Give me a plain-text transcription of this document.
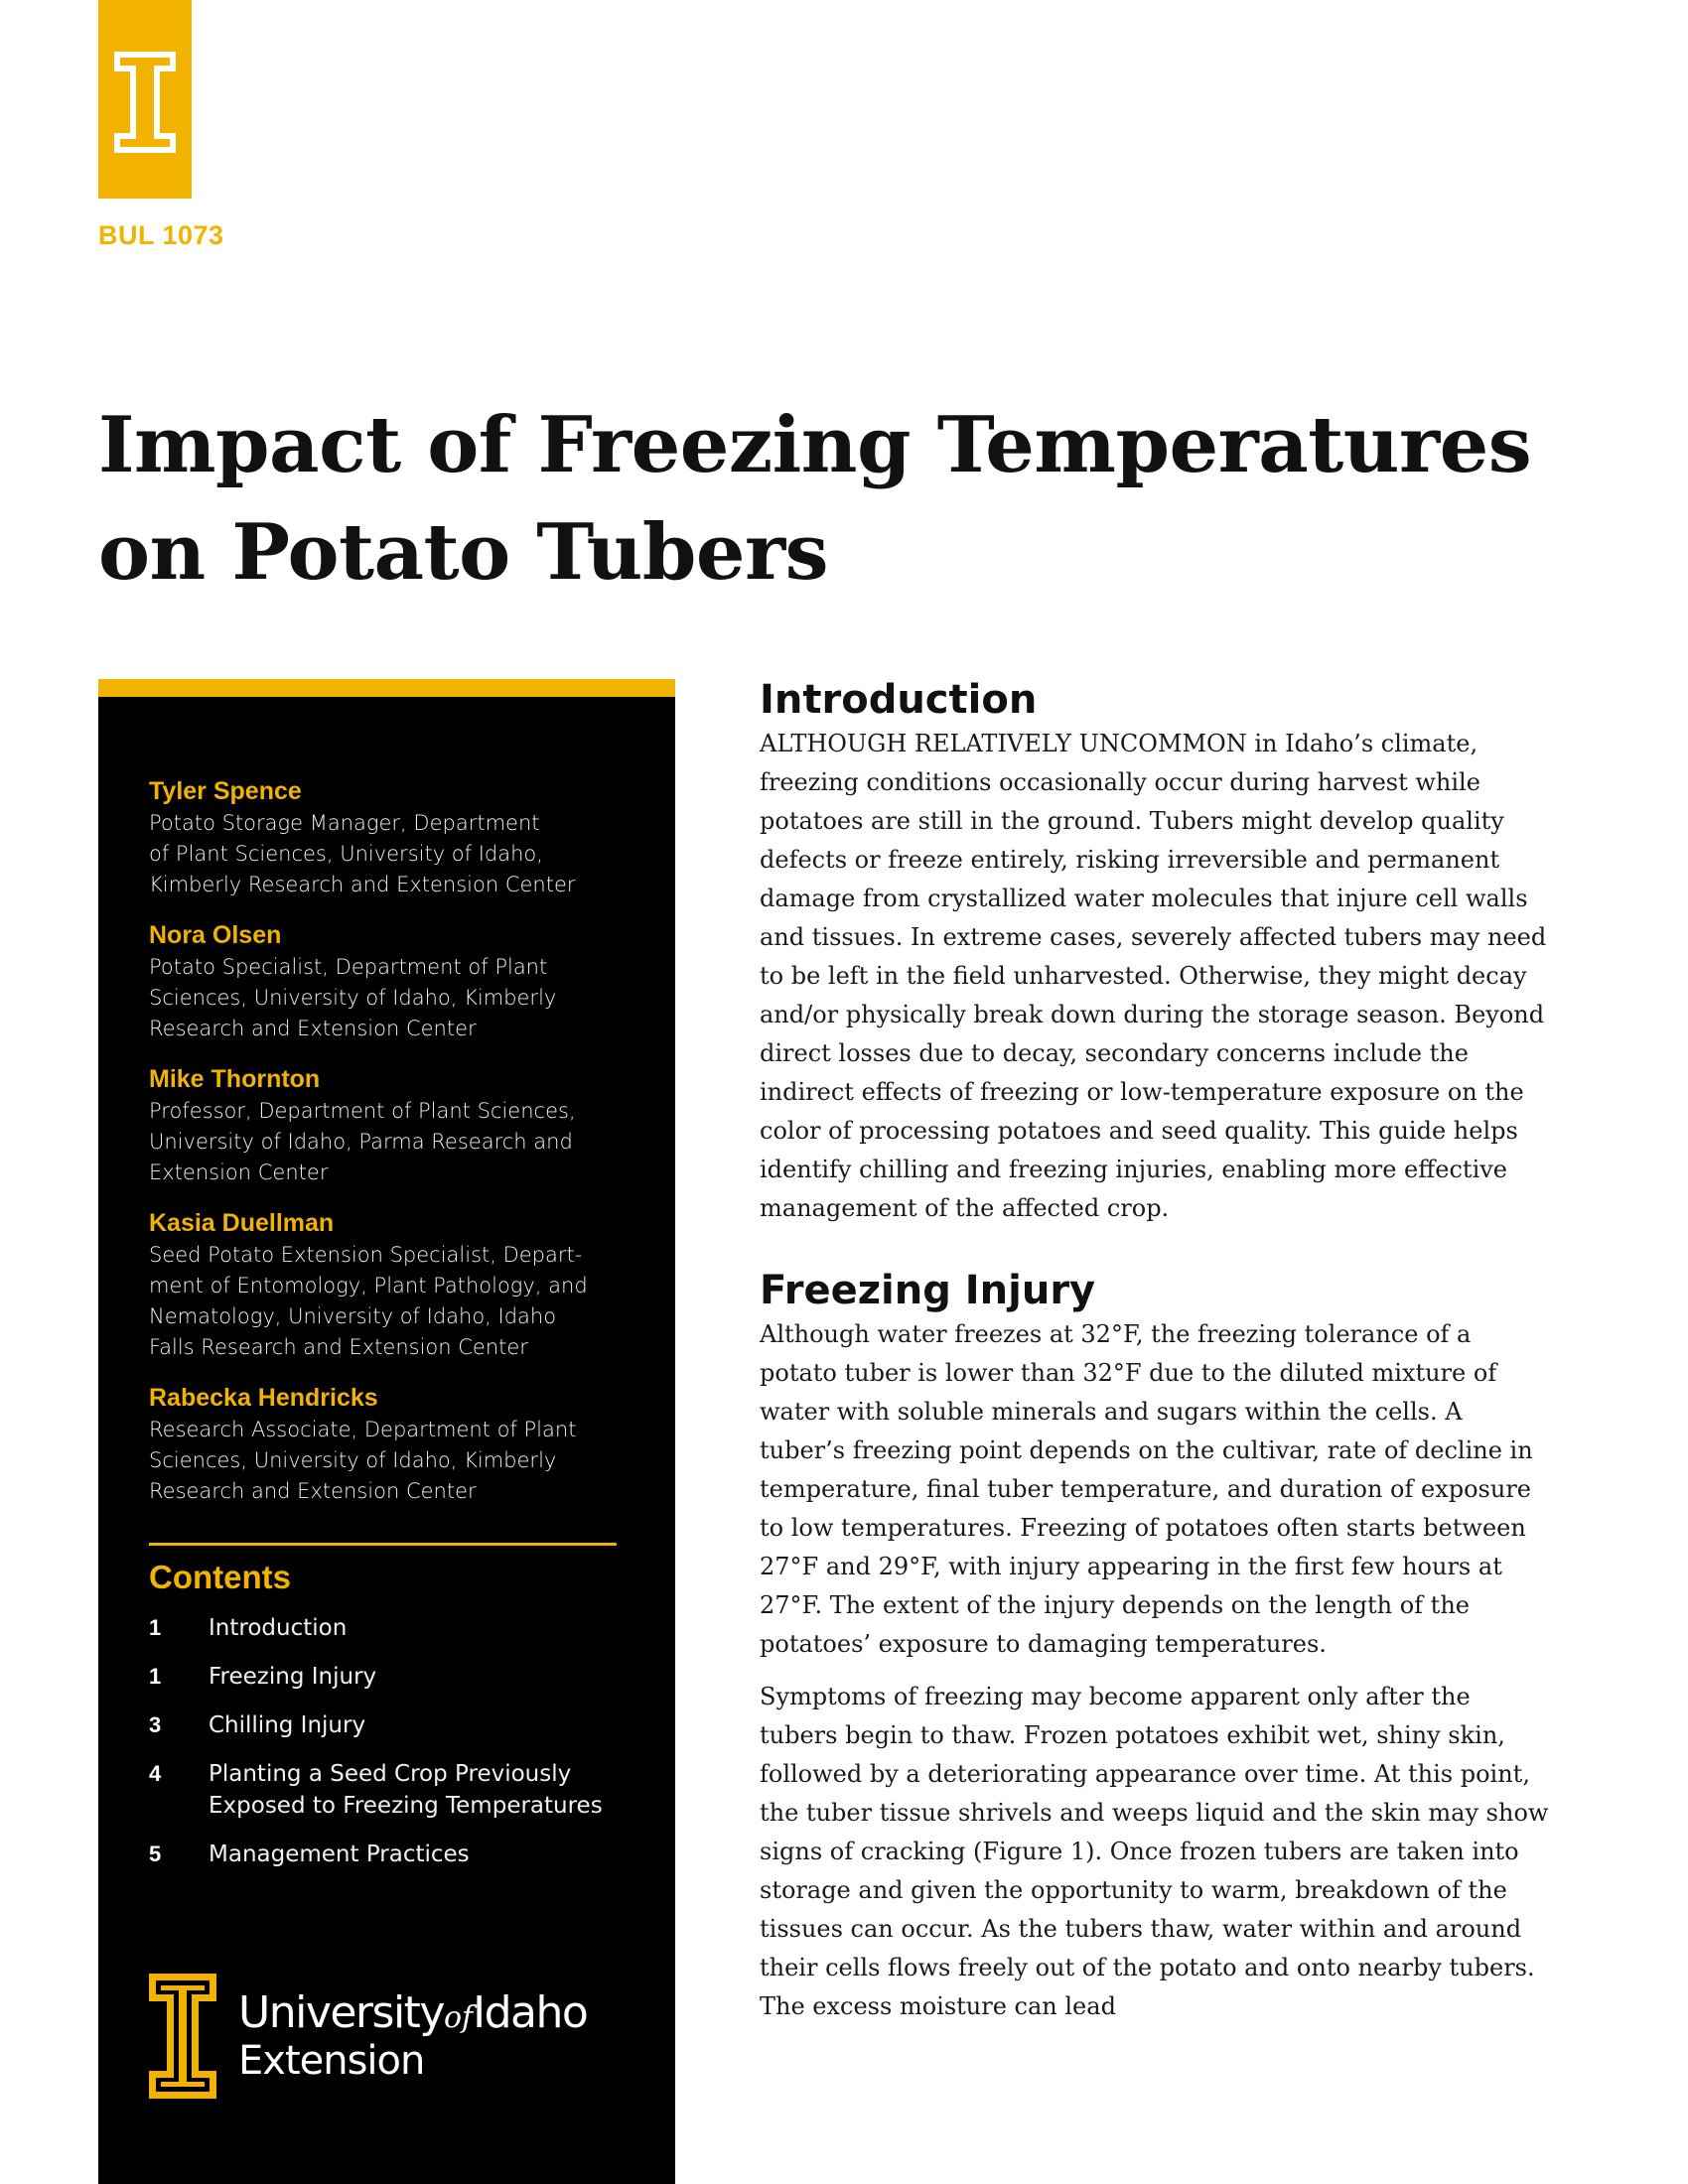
BUL 1073
Impact of Freezing Temperatures on Potato Tubers
Tyler Spence
Potato Storage Manager, Department
of Plant Sciences, University of Idaho,
Kimberly Research and Extension Center
Nora Olsen
Potato Specialist, Department of Plant
Sciences, University of Idaho, Kimberly
Research and Extension Center
Mike Thornton
Professor, Department of Plant Sciences,
University of Idaho, Parma Research and
Extension Center
Kasia Duellman
Seed Potato Extension Specialist, Depart-
ment of Entomology, Plant Pathology, and
Nematology, University of Idaho, Idaho
Falls Research and Extension Center
Rabecka Hendricks
Research Associate, Department of Plant
Sciences, University of Idaho, Kimberly
Research and Extension Center
Contents
1	Introduction
1	Freezing Injury
3	Chilling Injury
4	Planting a Seed Crop Previously
Exposed to Freezing Temperatures
5	Management Practices
UniversityofIdaho
Extension
Introduction

ALTHOUGH RELATIVELY UNCOMMON in Idaho’s climate, freezing conditions occasionally occur during harvest while potatoes are still in the ground. Tubers might develop quality defects or freeze entirely, risking irreversible and permanent damage from crystallized water molecules that injure cell walls and tissues. In extreme cases, severely affected tubers may need to be left in the field unharvested. Otherwise, they might decay and/or physically break down during the storage season. Beyond direct losses due to decay, secondary concerns include the indirect effects of freezing or low-temperature exposure on the color of processing potatoes and seed quality. This guide helps identify chilling and freezing injuries, enabling more effective management of the affected crop.

Freezing Injury

Although water freezes at 32°F, the freezing tolerance of a potato tuber is lower than 32°F due to the diluted mixture of water with soluble minerals and sugars within the cells. A tuber’s freezing point depends on the cultivar, rate of decline in temperature, final tuber temperature, and duration of exposure to low temperatures. Freezing of potatoes often starts between 27°F and 29°F, with injury appearing in the first few hours at 27°F. The extent of the injury depends on the length of the potatoes’ exposure to damaging temperatures.

Symptoms of freezing may become apparent only after the tubers begin to thaw. Frozen potatoes exhibit wet, shiny skin, followed by a deteriorating appearance over time. At this point, the tuber tissue shrivels and weeps liquid and the skin may show signs of cracking (Figure 1). Once frozen tubers are taken into storage and given the opportunity to warm, breakdown of the tissues can occur. As the tubers thaw, water within and around their cells flows freely out of the potato and onto nearby tubers. The excess moisture can lead
